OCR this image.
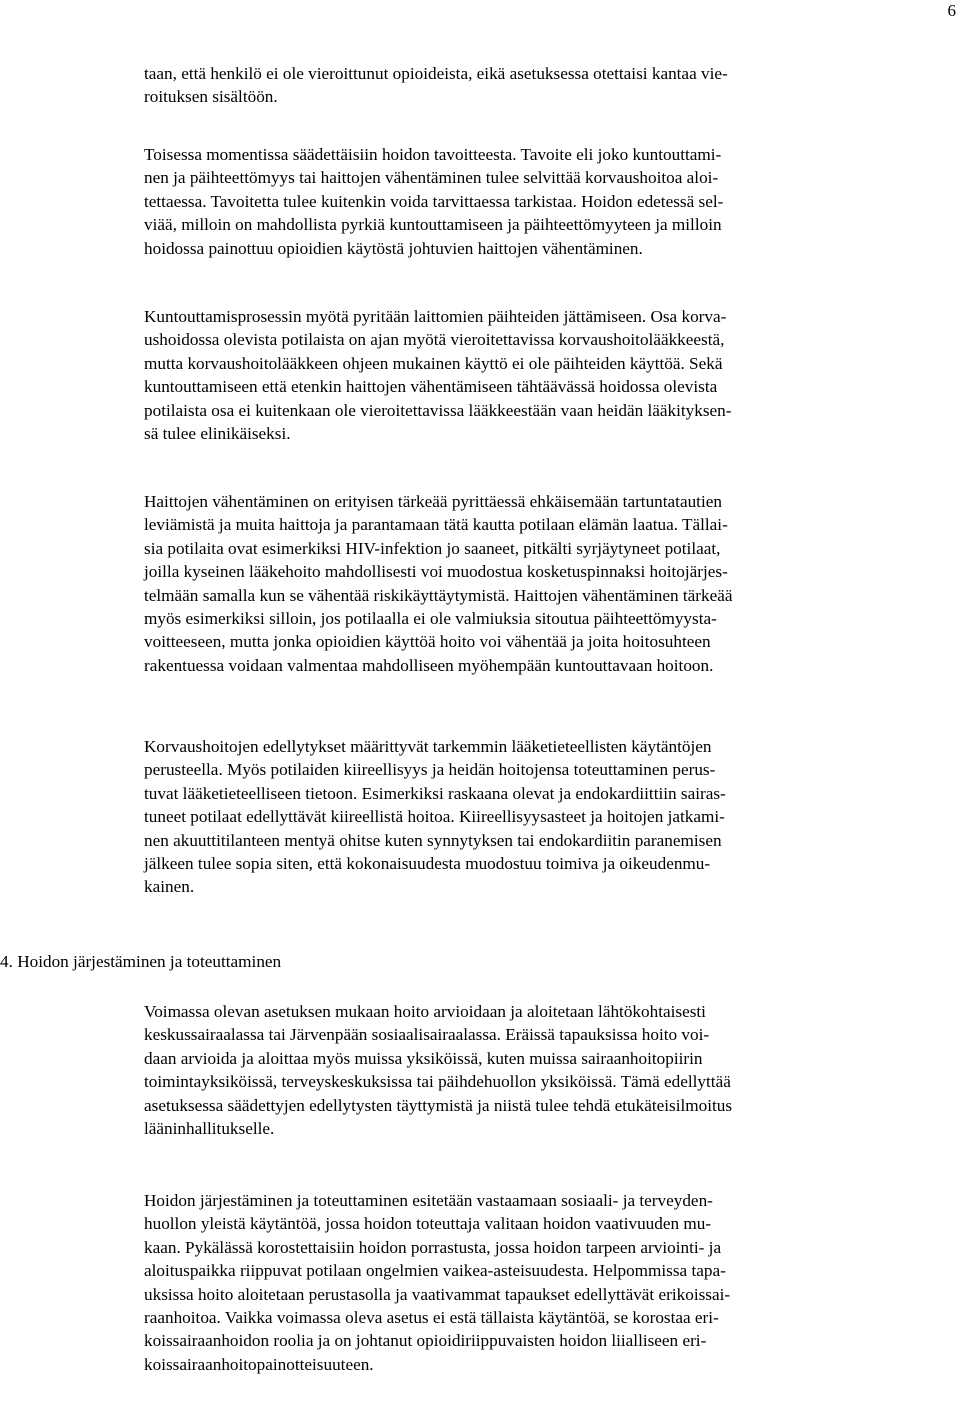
6
taan, että henkilö ei ole vieroittunut opioideista, eikä asetuksessa otettaisi kantaa vie-
roituksen sisältöön.
Toisessa momentissa säädettäisiin hoidon tavoitteesta. Tavoite eli joko kuntouttami-
nen ja päihteettömyys tai haittojen vähentäminen tulee selvittää korvaushoitoa aloi-
tettaessa. Tavoitetta tulee kuitenkin voida tarvittaessa tarkistaa. Hoidon edetessä sel-
viää, milloin on mahdollista pyrkiä kuntouttamiseen ja päihteettömyyteen ja milloin
hoidossa painottuu opioidien käytöstä johtuvien haittojen vähentäminen.
Kuntouttamisprosessin myötä pyritään laittomien päihteiden jättämiseen. Osa korva-
ushoidossa olevista potilaista on ajan myötä vieroitettavissa korvaushoitolääkkeestä,
mutta korvaushoitolääkkeen ohjeen mukainen käyttö ei ole päihteiden käyttöä. Sekä
kuntouttamiseen että etenkin haittojen vähentämiseen tähtäävässä hoidossa olevista
potilaista osa ei kuitenkaan ole vieroitettavissa lääkkeestään vaan heidän lääkityksen-
sä tulee elinikäiseksi.
Haittojen vähentäminen on erityisen tärkeää pyrittäessä ehkäisemään tartuntatautien
leviämistä ja muita haittoja ja parantamaan tätä kautta potilaan elämän laatua. Tällai-
sia potilaita ovat esimerkiksi HIV-infektion jo saaneet, pitkälti syrjäytyneet potilaat,
joilla kyseinen lääkehoito mahdollisesti voi muodostua kosketuspinnaksi hoitojärjes-
telmään samalla kun se vähentää riskikäyttäytymistä. Haittojen vähentäminen tärkeää
myös esimerkiksi silloin, jos potilaalla ei ole valmiuksia sitoutua päihteettömyysta-
voitteeseen, mutta jonka opioidien käyttöä hoito voi vähentää ja joita hoitosuhteen
rakentuessa voidaan valmentaa mahdolliseen myöhempään kuntouttavaan hoitoon.
Korvaushoitojen edellytykset määrittyvät tarkemmin lääketieteellisten käytäntöjen
perusteella. Myös potilaiden kiireellisyys ja heidän hoitojensa toteuttaminen perus-
tuvat lääketieteelliseen tietoon. Esimerkiksi raskaana olevat ja endokardiittiin sairas-
tuneet potilaat edellyttävät kiireellistä hoitoa. Kiireellisyysasteet ja hoitojen jatkami-
nen akuuttitilanteen mentyä ohitse kuten synnytyksen tai endokardiitin paranemisen
jälkeen tulee sopia siten, että kokonaisuudesta muodostuu toimiva ja oikeudenmu-
kainen.
4. Hoidon järjestäminen ja toteuttaminen
Voimassa olevan asetuksen mukaan hoito arvioidaan ja aloitetaan lähtökohtaisesti
keskussairaalassa tai Järvenpään sosiaalisairaalassa. Eräissä tapauksissa hoito voi-
daan arvioida ja aloittaa myös muissa yksiköissä, kuten muissa sairaanhoitopiirin
toimintayksiköissä, terveyskeskuksissa tai päihdehuollon yksiköissä. Tämä edellyttää
asetuksessa säädettyjen edellytysten täyttymistä ja niistä tulee tehdä etukäteisilmoitus
lääninhallitukselle.
Hoidon järjestäminen ja toteuttaminen esitetään vastaamaan sosiaali- ja terveyden-
huollon yleistä käytäntöä, jossa hoidon toteuttaja valitaan hoidon vaativuuden mu-
kaan. Pykälässä korostettaisiin hoidon porrastusta, jossa hoidon tarpeen arviointi- ja
aloituspaikka riippuvat potilaan ongelmien vaikea-asteisuudesta. Helpommissa tapa-
uksissa hoito aloitetaan perustasolla ja vaativammat tapaukset edellyttävät erikoissai-
raanhoitoa. Vaikka voimassa oleva asetus ei estä tällaista käytäntöä, se korostaa eri-
koissairaanhoidon roolia ja on johtanut opioidiriippuvaisten hoidon liialliseen eri-
koissairaanhoitopainotteisuuteen.
